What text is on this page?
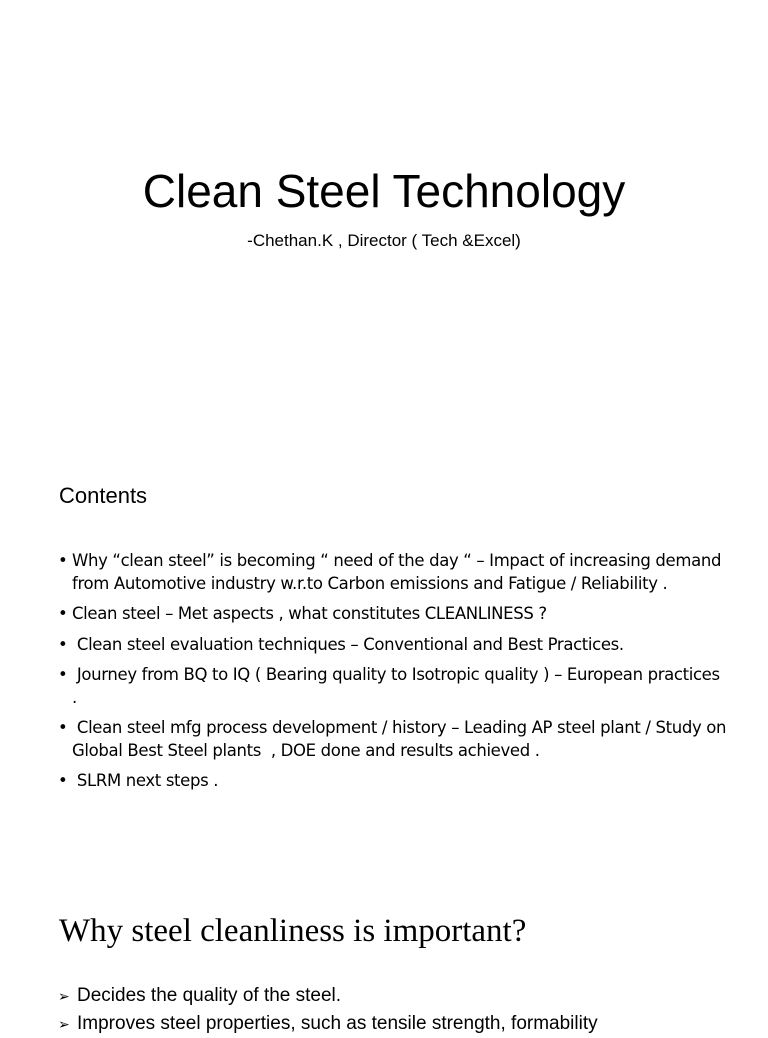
Clean Steel Technology

-Chethan.K , Director ( Tech &Excel)

Contents
• Why “clean steel” is becoming “ need of the day “ – Impact of increasing demand from Automotive industry w.r.to Carbon emissions and Fatigue / Reliability .
• Clean steel – Met aspects , what constitutes CLEANLINESS ?
• Clean steel evaluation techniques – Conventional and Best Practices.
• Journey from BQ to IQ ( Bearing quality to Isotropic quality ) – European practices .
• Clean steel mfg process development / history – Leading AP steel plant / Study on Global Best Steel plants  , DOE done and results achieved .
• SLRM next steps .
Why steel cleanliness is important?
➢ Decides the quality of the steel.
➢ Improves steel properties, such as tensile strength, formability
